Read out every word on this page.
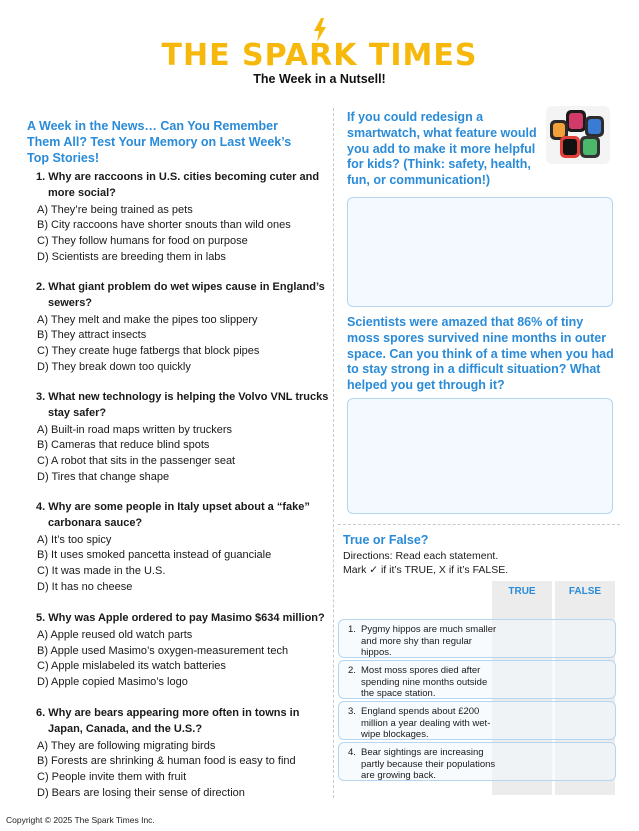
THE SPARK TIMES
The Week in a Nutsell!
A Week in the News… Can You Remember Them All? Test Your Memory on Last Week’s Top Stories!
1. Why are raccoons in U.S. cities becoming cuter and more social?
A) They’re being trained as pets
B) City raccoons have shorter snouts than wild ones
C) They follow humans for food on purpose
D) Scientists are breeding them in labs
2. What giant problem do wet wipes cause in England’s sewers?
A) They melt and make the pipes too slippery
B) They attract insects
C) They create huge fatbergs that block pipes
D) They break down too quickly
3. What new technology is helping the Volvo VNL trucks stay safer?
A) Built-in road maps written by truckers
B) Cameras that reduce blind spots
C) A robot that sits in the passenger seat
D) Tires that change shape
4. Why are some people in Italy upset about a “fake” carbonara sauce?
A) It’s too spicy
B) It uses smoked pancetta instead of guanciale
C) It was made in the U.S.
D) It has no cheese
5. Why was Apple ordered to pay Masimo $634 million?
A) Apple reused old watch parts
B) Apple used Masimo’s oxygen-measurement tech
C) Apple mislabeled its watch batteries
D) Apple copied Masimo’s logo
6. Why are bears appearing more often in towns in Japan, Canada, and the U.S.?
A) They are following migrating birds
B) Forests are shrinking & human food is easy to find
C) People invite them with fruit
D) Bears are losing their sense of direction
If you could redesign a smartwatch, what feature would you add to make it more helpful for kids? (Think: safety, health, fun, or communication!)
Scientists were amazed that 86% of tiny moss spores survived nine months in outer space. Can you think of a time when you had to stay strong in a difficult situation? What helped you get through it?
True or False?
Directions: Read each statement.
Mark ✓ if it’s TRUE, X if it’s FALSE.
TRUE	FALSE
1. Pygmy hippos are much smaller and more shy than regular hippos.
2. Most moss spores died after spending nine months outside the space station.
3. England spends about £200 million a year dealing with wet-wipe blockages.
4. Bear sightings are increasing partly because their populations are growing back.
Copyright © 2025 The Spark Times Inc.
